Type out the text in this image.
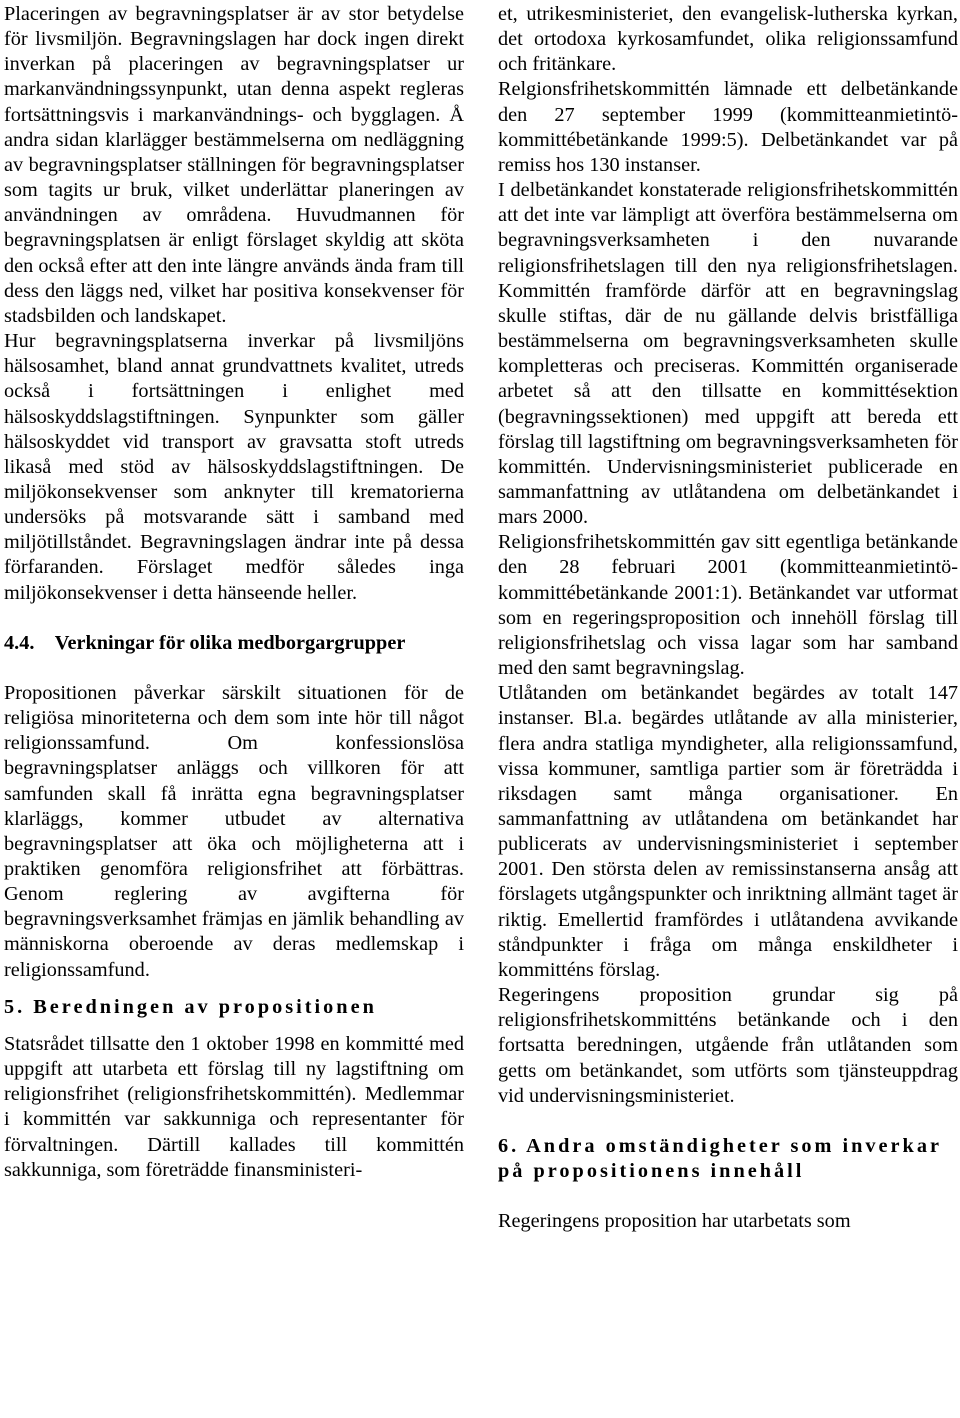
Placeringen av begravningsplatser är av stor betydelse för livsmiljön. Begravningslagen har dock ingen direkt inverkan på placeringen av begravningsplatser ur markanvändningssynpunkt, utan denna aspekt regleras fortsättningsvis i markanvändnings- och bygglagen. Å andra sidan klarlägger bestämmelserna om nedläggning av begravningsplatser ställningen för begravningsplatser som tagits ur bruk, vilket underlättar planeringen av användningen av områdena. Huvudmannen för begravningsplatsen är enligt förslaget skyldig att sköta den också efter att den inte längre används ända fram till dess den läggs ned, vilket har positiva konsekvenser för stadsbilden och landskapet.

Hur begravningsplatserna inverkar på livsmiljöns hälsosamhet, bland annat grundvattnets kvalitet, utreds också i fortsättningen i enlighet med hälsoskyddslagstiftningen. Synpunkter som gäller hälsoskyddet vid transport av gravsatta stoft utreds likaså med stöd av hälsoskyddslagstiftningen. De miljökonsekvenser som anknyter till krematorierna undersöks på motsvarande sätt i samband med miljötillståndet. Begravningslagen ändrar inte på dessa förfaranden. Förslaget medför således inga miljökonsekvenser i detta hänseende heller.

4.4. Verkningar för olika medborgargrupper

Propositionen påverkar särskilt situationen för de religiösa minoriteterna och dem som inte hör till något religionssamfund. Om konfessionslösa begravningsplatser anläggs och villkoren för att samfunden skall få inrätta egna begravningsplatser klarläggs, kommer utbudet av alternativa begravningsplatser att öka och möjligheterna att i praktiken genomföra religionsfrihet att förbättras. Genom reglering av avgifterna för begravningsverksamhet främjas en jämlik behandling av människorna oberoende av deras medlemskap i religionssamfund.

5. Beredningen av propositionen

Statsrådet tillsatte den 1 oktober 1998 en kommitté med uppgift att utarbeta ett förslag till ny lagstiftning om religionsfrihet (religionsfrihetskommittén). Medlemmar i kommittén var sakkunniga och representanter för förvaltningen. Därtill kallades till kommittén sakkunniga, som företrädde finansministeri-

et, utrikesministeriet, den evangelisk-lutherska kyrkan, det ortodoxa kyrkosamfundet, olika religionssamfund och fritänkare.

Relgionsfrihetskommittén lämnade ett delbetänkande den 27 september 1999 (kommitteanmietintö-kommittébetänkande 1999:5). Delbetänkandet var på remiss hos 130 instanser.

I delbetänkandet konstaterade religionsfrihetskommittén att det inte var lämpligt att överföra bestämmelserna om begravningsverksamheten i den nuvarande religionsfrihetslagen till den nya religionsfrihetslagen. Kommittén framförde därför att en begravningslag skulle stiftas, där de nu gällande delvis bristfälliga bestämmelserna om begravningsverksamheten skulle kompletteras och preciseras. Kommittén organiserade arbetet så att den tillsatte en kommittésektion (begravningssektionen) med uppgift att bereda ett förslag till lagstiftning om begravningsverksamheten för kommittén. Undervisningsministeriet publicerade en sammanfattning av utlåtandena om delbetänkandet i mars 2000.

Religionsfrihetskommittén gav sitt egentliga betänkande den 28 februari 2001 (kommitteanmietintö-kommittébetänkande 2001:1). Betänkandet var utformat som en regeringsproposition och innehöll förslag till religionsfrihetslag och vissa lagar som har samband med den samt begravningslag.

Utlåtanden om betänkandet begärdes av totalt 147 instanser. Bl.a. begärdes utlåtande av alla ministerier, flera andra statliga myndigheter, alla religionssamfund, vissa kommuner, samtliga partier som är företrädda i riksdagen samt många organisationer. En sammanfattning av utlåtandena om betänkandet har publicerats av undervisningsministeriet i september 2001. Den största delen av remissinstanserna ansåg att förslagets utgångspunkter och inriktning allmänt taget är riktig. Emellertid framfördes i utlåtandena avvikande ståndpunkter i fråga om många enskildheter i kommitténs förslag.

Regeringens proposition grundar sig på religionsfrihetskommitténs betänkande och i den fortsatta beredningen, utgående från utlåtanden som getts om betänkandet, som utförts som tjänsteuppdrag vid undervisningsministeriet.

6. Andra omständigheter som inverkar på propositionens innehåll

Regeringens proposition har utarbetats som
